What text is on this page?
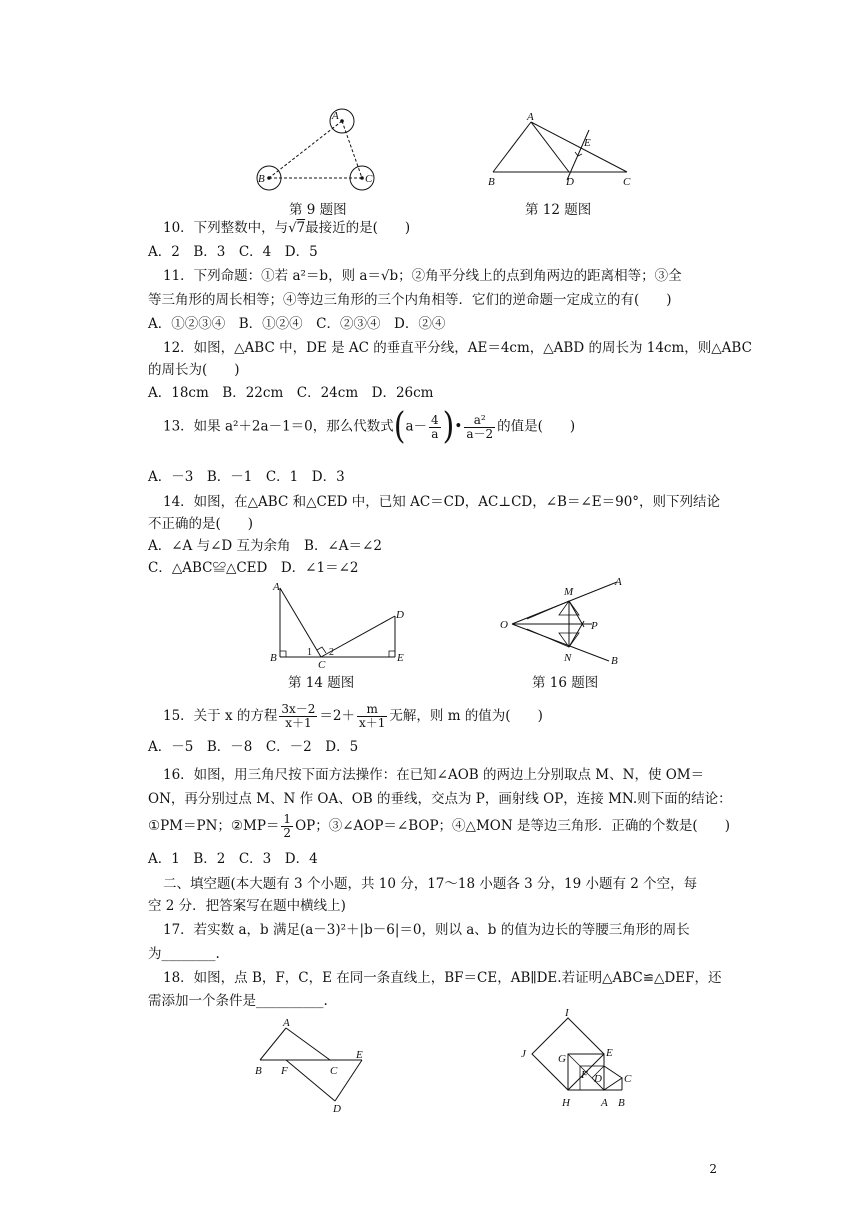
A
B	C
第 9 题图
A
B	C
D
E
第 12 题图
10．下列整数中，与√7最接近的是(　　)
A．2　B．3　C．4　D．5
11．下列命题：①若 a²＝b，则 a＝√b；②角平分线上的点到角两边的距离相等；③全
等三角形的周长相等；④等边三角形的三个内角相等．它们的逆命题一定成立的有(　　)
A．①②③④　B．①②④　C．②③④　D．②④
12．如图，△ABC 中，DE 是 AC 的垂直平分线，AE＝4cm，△ABD 的周长为 14cm，则△ABC
的周长为(　　)
A．18cm　B．22cm　C．24cm　D．26cm
13．如果 a²＋2a－1＝0，那么代数式($a- \frac{4}{a}$ )• $\frac{\text{a²}}{a-2}$ 的值是(　　)
A．－3　B．－1　C．1　D．3
14．如图，在△ABC 和△CED 中，已知 AC＝CD，AC⊥CD，∠B＝∠E＝90°，则下列结论
不正确的是(　　)
A．∠A 与∠D 互为余角　B．∠A＝∠2
C．△ABC≌△CED　D．∠1＝∠2
A
B
C
D
E
1 2
第 14 题图
O
M
N
P
A
B
第 16 题图
15．关于 x 的方程 $\frac{3x-2}{x+1} =2+ \frac{m}{x+1}$ 无解，则 m 的值为(　　)
A．－5　B．－8　C．－2　D．5
16．如图，用三角尺按下面方法操作：在已知∠AOB 的两边上分别取点 M、N，使 OM＝
ON，再分别过点 M、N 作 OA、OB 的垂线，交点为 P，画射线 OP，连接 MN.则下面的结论：
①PM＝PN；②MP＝ $\frac{1}{2}$ OP；③∠AOP＝∠BOP；④△MON 是等边三角形．正确的个数是(　　)
A．1　B．2　C．3　D．4
二、填空题(本大题有 3 个小题，共 10 分，17～18 小题各 3 分，19 小题有 2 个空，每
空 2 分．把答案写在题中横线上)
17．若实数 a，b 满足(a－3)²＋|b－6|＝0，则以 a、b 的值为边长的等腰三角形的周长
为________.
18．如图，点 B，F，C，E 在同一条直线上，BF＝CE，AB∥DE.若证明△ABC≌△DEF，还
需添加一个条件是__________.
A
B F	C
E
D
I
J	G	E
F D C
H	A B
2
